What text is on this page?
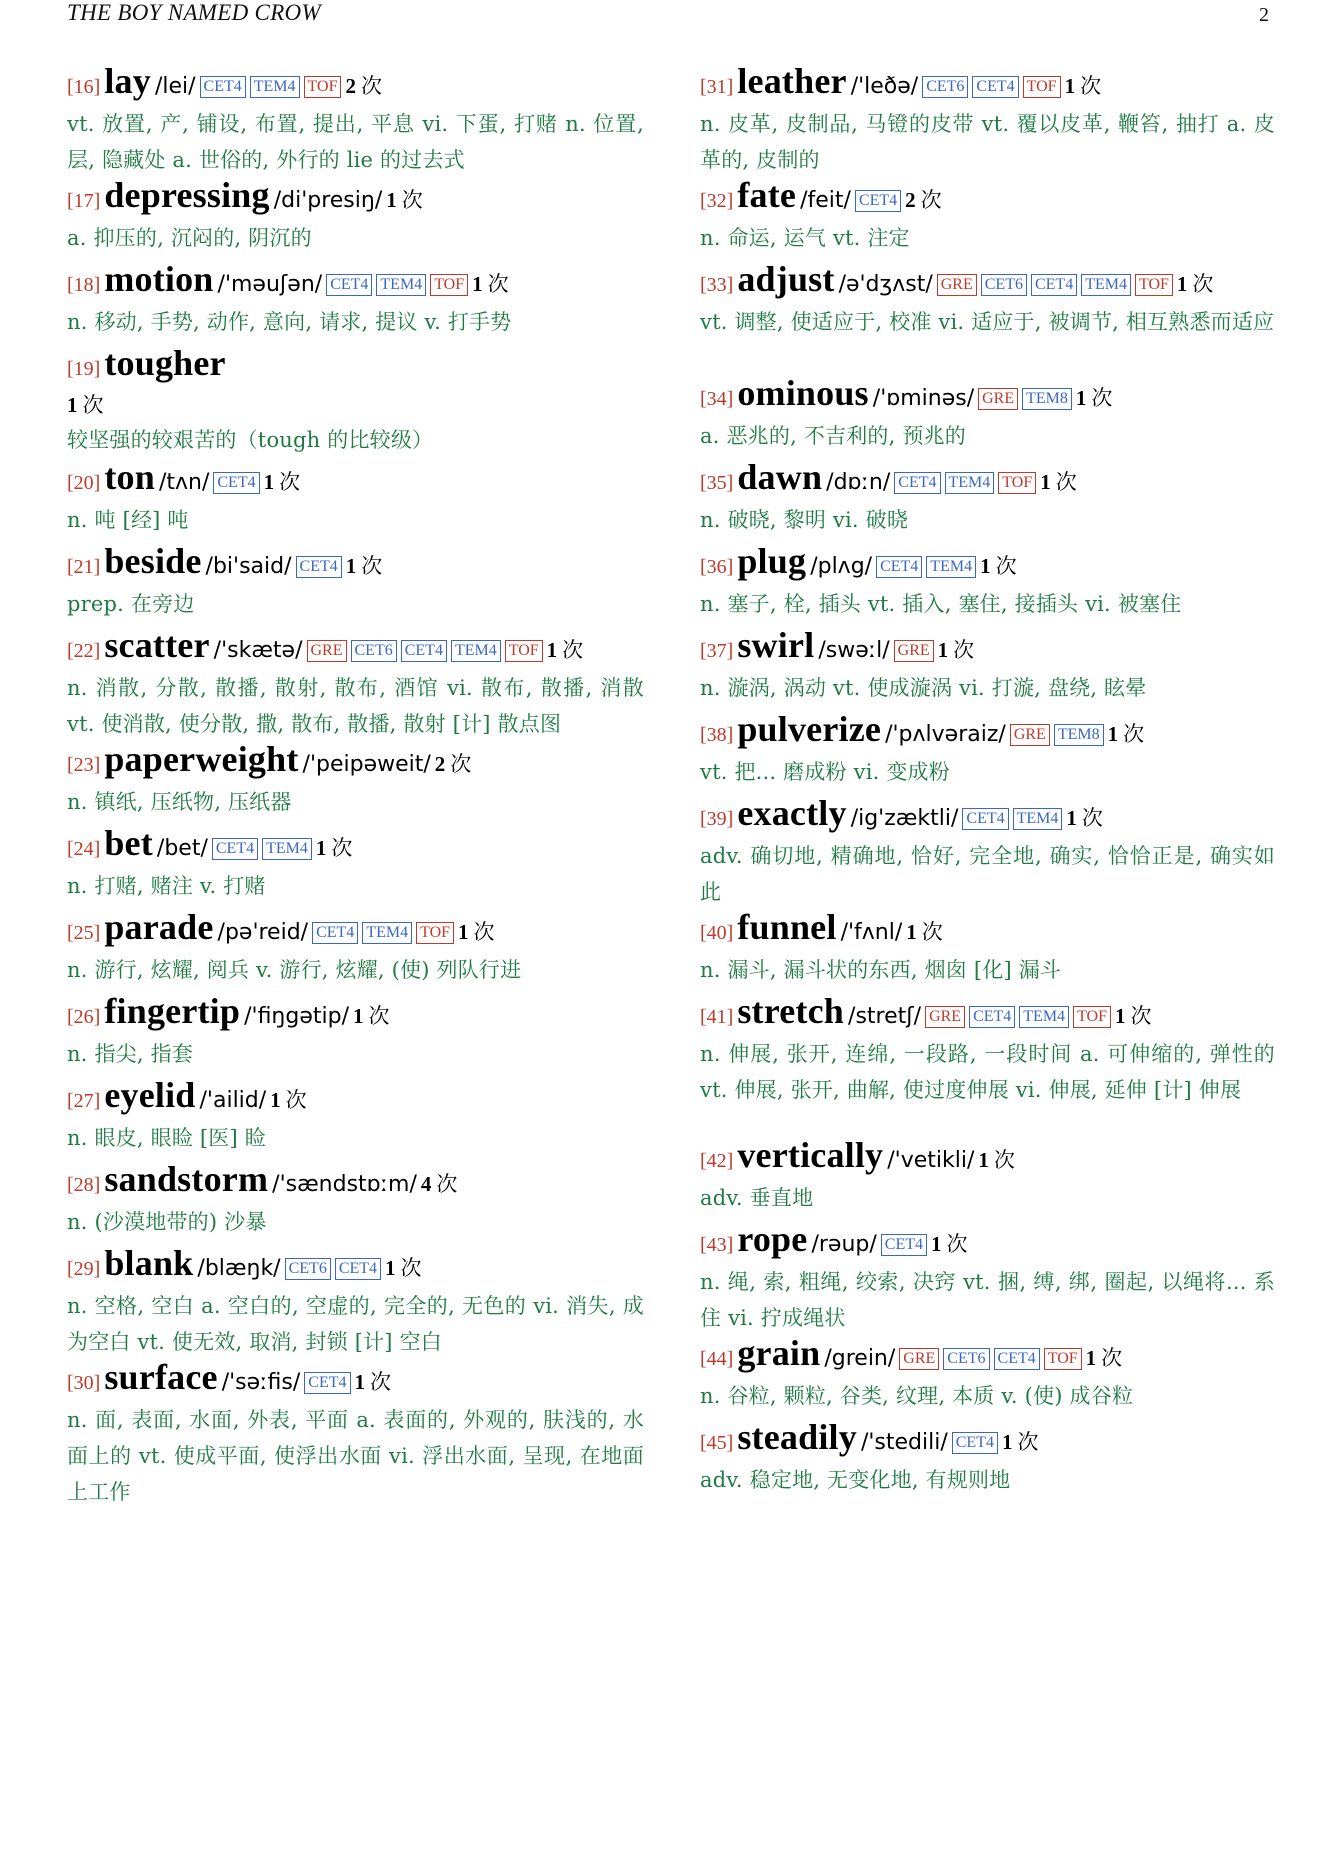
THE BOY NAMED CROW	2
[16] lay /lei/ CET4 TEM4 TOF 2 次
vt. 放置, 产, 铺设, 布置, 提出, 平息 vi. 下蛋, 打赌 n. 位置, 层, 隐藏处 a. 世俗的, 外行的 lie 的过去式
[17] depressing /di'presiŋ/ 1 次
a. 抑压的, 沉闷的, 阴沉的
[18] motion /'məuʃən/ CET4 TEM4 TOF 1 次
n. 移动, 手势, 动作, 意向, 请求, 提议 v. 打手势
[19] tougher
1 次
较坚强的较艰苦的（tough 的比较级）
[20] ton /tʌn/ CET4 1 次
n. 吨 [经] 吨
[21] beside /bi'said/ CET4 1 次
prep. 在旁边
[22] scatter /'skætə/ GRE CET6 CET4 TEM4 TOF 1 次
n. 消散, 分散, 散播, 散射, 散布, 酒馆 vi. 散布, 散播, 消散 vt. 使消散, 使分散, 撒, 散布, 散播, 散射 [计] 散点图
[23] paperweight /'peipəweit/ 2 次
n. 镇纸, 压纸物, 压纸器
[24] bet /bet/ CET4 TEM4 1 次
n. 打赌, 赌注 v. 打赌
[25] parade /pə'reid/ CET4 TEM4 TOF 1 次
n. 游行, 炫耀, 阅兵 v. 游行, 炫耀, (使) 列队行进
[26] fingertip /'fiŋgətip/ 1 次
n. 指尖, 指套
[27] eyelid /'ailid/ 1 次
n. 眼皮, 眼睑 [医] 睑
[28] sandstorm /'sændstɒːm/ 4 次
n. (沙漠地带的) 沙暴
[29] blank /blæŋk/ CET6 CET4 1 次
n. 空格, 空白 a. 空白的, 空虚的, 完全的, 无色的 vi. 消失, 成为空白 vt. 使无效, 取消, 封锁 [计] 空白
[30] surface /'səːfis/ CET4 1 次
n. 面, 表面, 水面, 外表, 平面 a. 表面的, 外观的, 肤浅的, 水面上的 vt. 使成平面, 使浮出水面 vi. 浮出水面, 呈现, 在地面上工作
[31] leather /'leðə/ CET6 CET4 TOF 1 次
n. 皮革, 皮制品, 马镫的皮带 vt. 覆以皮革, 鞭笞, 抽打 a. 皮革的, 皮制的
[32] fate /feit/ CET4 2 次
n. 命运, 运气 vt. 注定
[33] adjust /ə'dʒʌst/ GRE CET6 CET4 TEM4 TOF 1 次
vt. 调整, 使适应于, 校准 vi. 适应于, 被调节, 相互熟悉而适应
[34] ominous /'ɒminəs/ GRE TEM8 1 次
a. 恶兆的, 不吉利的, 预兆的
[35] dawn /dɒːn/ CET4 TEM4 TOF 1 次
n. 破晓, 黎明 vi. 破晓
[36] plug /plʌg/ CET4 TEM4 1 次
n. 塞子, 栓, 插头 vt. 插入, 塞住, 接插头 vi. 被塞住
[37] swirl /swəːl/ GRE 1 次
n. 漩涡, 涡动 vt. 使成漩涡 vi. 打漩, 盘绕, 眩晕
[38] pulverize /'pʌlvəraiz/ GRE TEM8 1 次
vt. 把... 磨成粉 vi. 变成粉
[39] exactly /ig'zæktli/ CET4 TEM4 1 次
adv. 确切地, 精确地, 恰好, 完全地, 确实, 恰恰正是, 确实如此
[40] funnel /'fʌnl/ 1 次
n. 漏斗, 漏斗状的东西, 烟囱 [化] 漏斗
[41] stretch /stretʃ/ GRE CET4 TEM4 TOF 1 次
n. 伸展, 张开, 连绵, 一段路, 一段时间 a. 可伸缩的, 弹性的 vt. 伸展, 张开, 曲解, 使过度伸展 vi. 伸展, 延伸 [计] 伸展
[42] vertically /'vetikli/ 1 次
adv. 垂直地
[43] rope /rəup/ CET4 1 次
n. 绳, 索, 粗绳, 绞索, 决窍 vt. 捆, 缚, 绑, 圈起, 以绳将... 系住 vi. 拧成绳状
[44] grain /grein/ GRE CET6 CET4 TOF 1 次
n. 谷粒, 颗粒, 谷类, 纹理, 本质 v. (使) 成谷粒
[45] steadily /'stedili/ CET4 1 次
adv. 稳定地, 无变化地, 有规则地
